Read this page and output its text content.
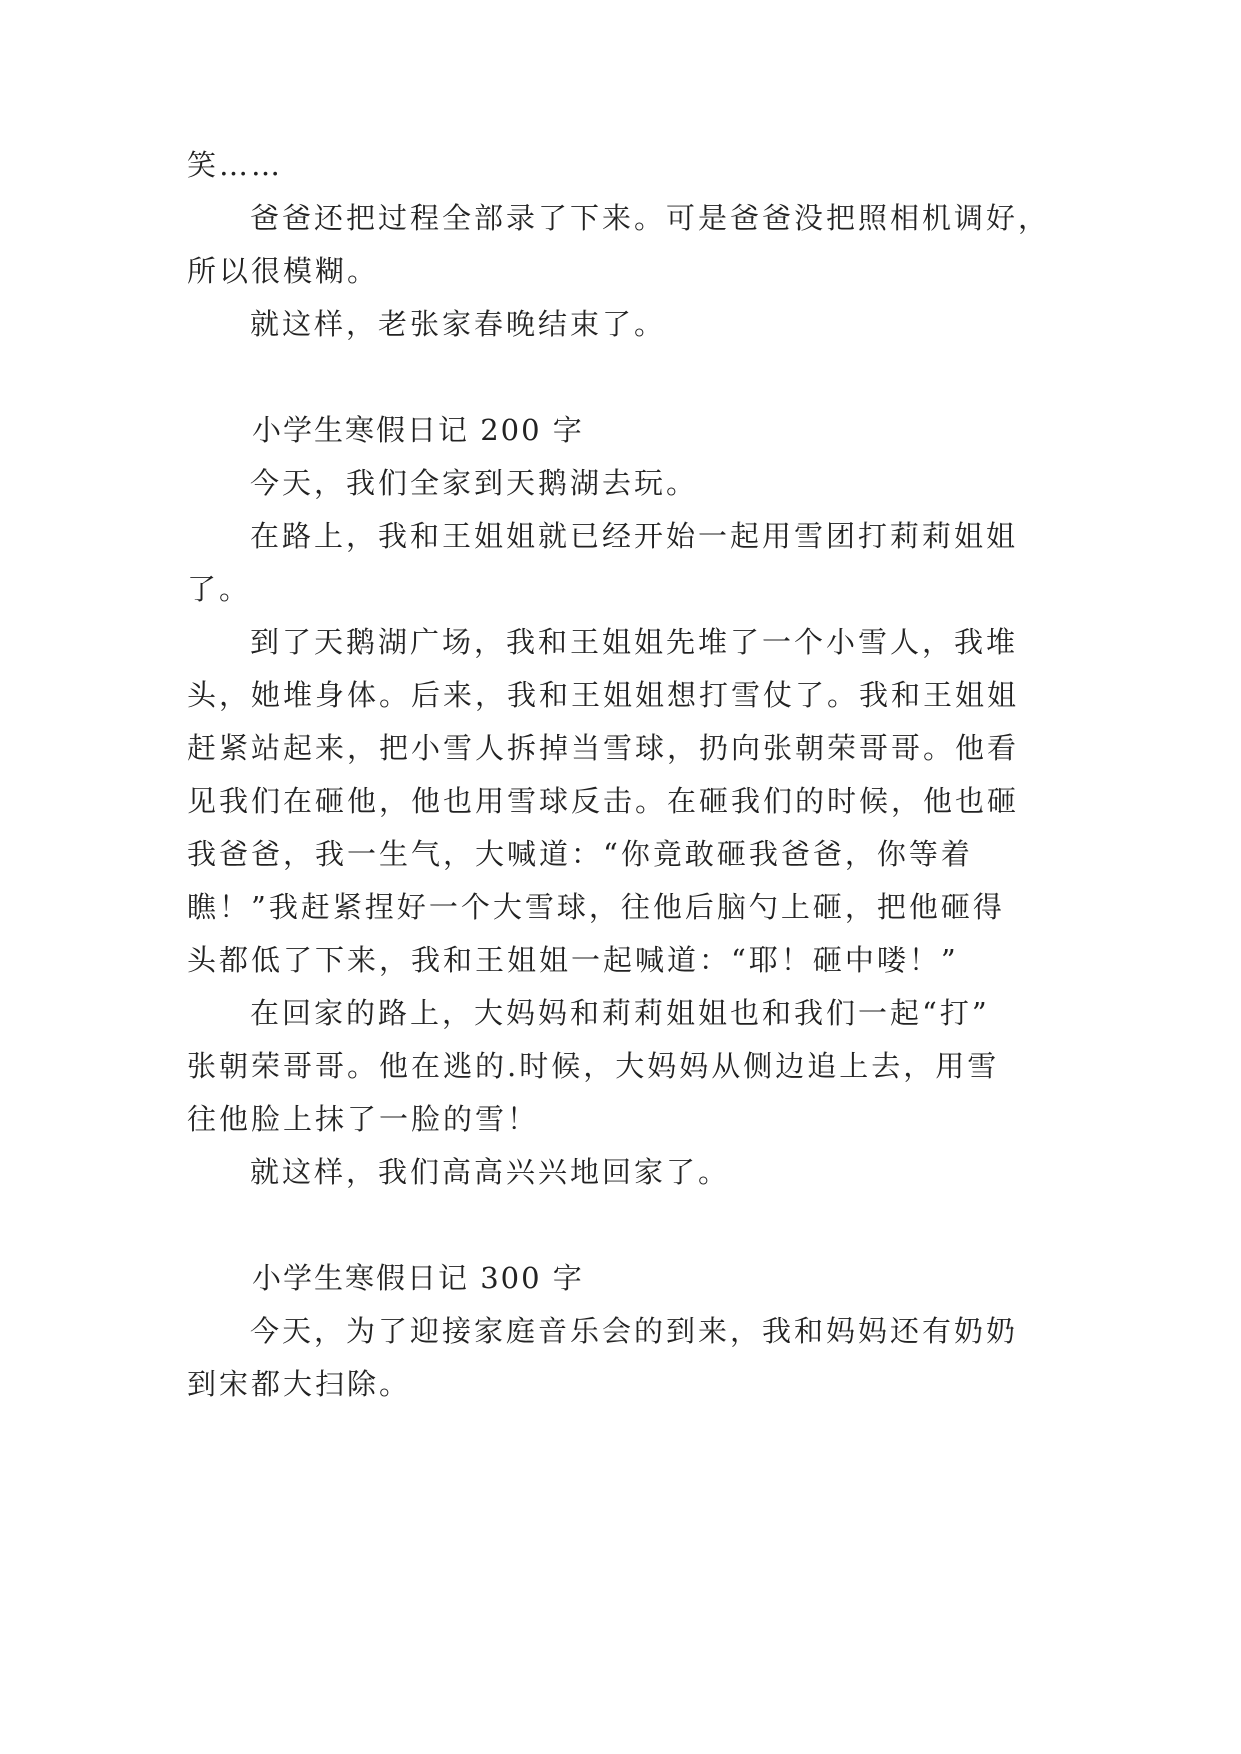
笑……
爸爸还把过程全部录了下来。可是爸爸没把照相机调好，
所以很模糊。
就这样，老张家春晚结束了。
小学生寒假日记 200 字
今天，我们全家到天鹅湖去玩。
在路上，我和王姐姐就已经开始一起用雪团打莉莉姐姐
了。
到了天鹅湖广场，我和王姐姐先堆了一个小雪人，我堆
头，她堆身体。后来，我和王姐姐想打雪仗了。我和王姐姐
赶紧站起来，把小雪人拆掉当雪球，扔向张朝荣哥哥。他看
见我们在砸他，他也用雪球反击。在砸我们的时候，他也砸
我爸爸，我一生气，大喊道：“你竟敢砸我爸爸，你等着
瞧！”我赶紧捏好一个大雪球，往他后脑勺上砸，把他砸得
头都低了下来，我和王姐姐一起喊道：“耶！砸中喽！”
在回家的路上，大妈妈和莉莉姐姐也和我们一起“打”
张朝荣哥哥。他在逃的.时候，大妈妈从侧边追上去，用雪
往他脸上抹了一脸的雪！
就这样，我们高高兴兴地回家了。
小学生寒假日记 300 字
今天，为了迎接家庭音乐会的到来，我和妈妈还有奶奶
到宋都大扫除。
